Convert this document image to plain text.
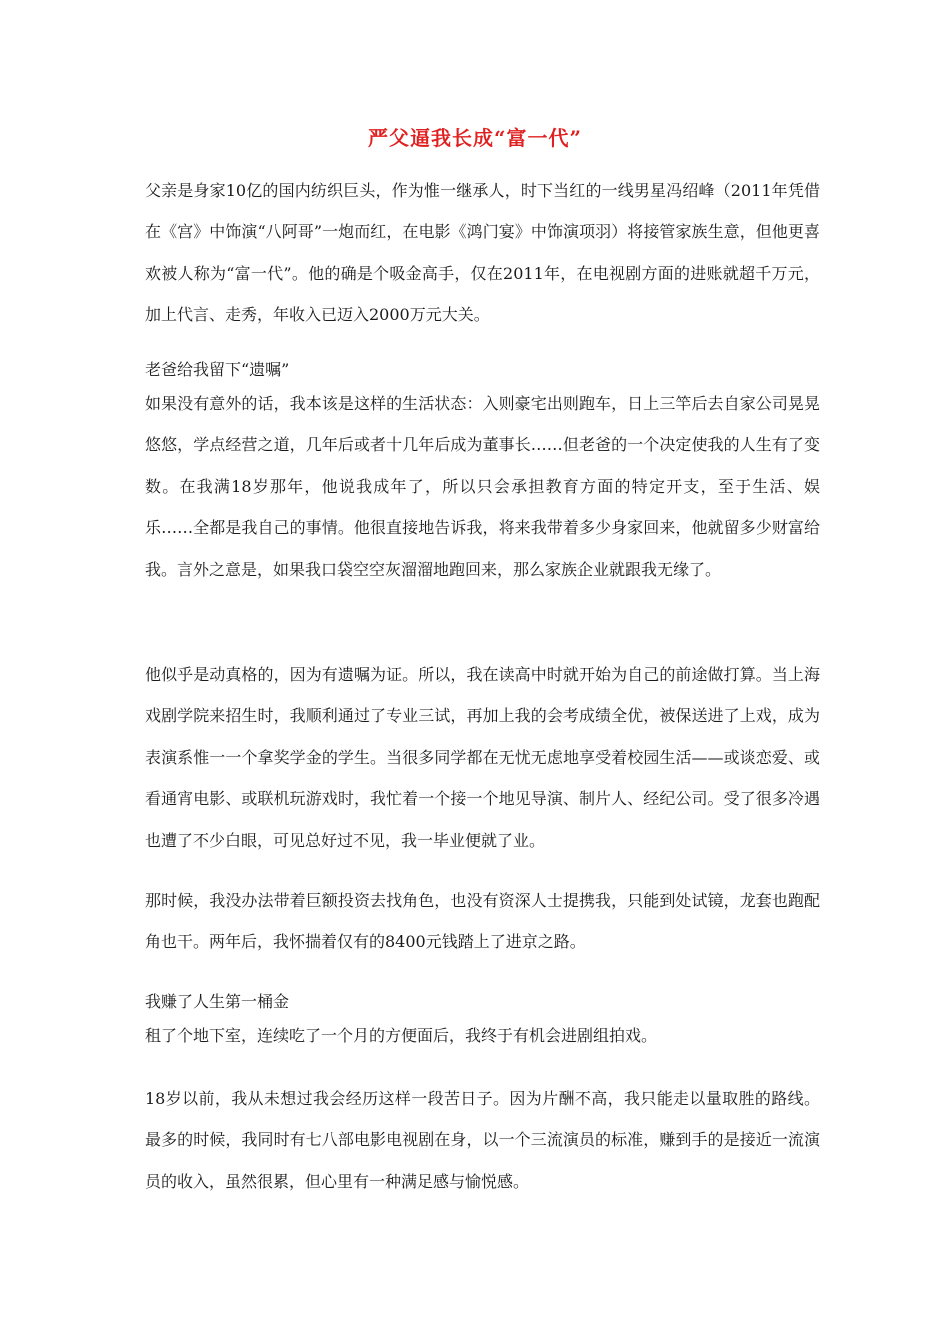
严父逼我长成“富一代”
父亲是身家10亿的国内纺织巨头，作为惟一继承人，时下当红的一线男星冯绍峰（2011年凭借在《宫》中饰演“八阿哥”一炮而红，在电影《鸿门宴》中饰演项羽）将接管家族生意，但他更喜欢被人称为“富一代”。他的确是个吸金高手，仅在2011年，在电视剧方面的进账就超千万元，加上代言、走秀，年收入已迈入2000万元大关。
老爸给我留下“遗嘱”
如果没有意外的话，我本该是这样的生活状态：入则豪宅出则跑车，日上三竿后去自家公司晃晃悠悠，学点经营之道，几年后或者十几年后成为董事长……但老爸的一个决定使我的人生有了变数。在我满18岁那年，他说我成年了，所以只会承担教育方面的特定开支，至于生活、娱乐……全都是我自己的事情。他很直接地告诉我，将来我带着多少身家回来，他就留多少财富给我。言外之意是，如果我口袋空空灰溜溜地跑回来，那么家族企业就跟我无缘了。
他似乎是动真格的，因为有遗嘱为证。所以，我在读高中时就开始为自己的前途做打算。当上海戏剧学院来招生时，我顺利通过了专业三试，再加上我的会考成绩全优，被保送进了上戏，成为表演系惟一一个拿奖学金的学生。当很多同学都在无忧无虑地享受着校园生活——或谈恋爱、或看通宵电影、或联机玩游戏时，我忙着一个接一个地见导演、制片人、经纪公司。受了很多冷遇也遭了不少白眼，可见总好过不见，我一毕业便就了业。
那时候，我没办法带着巨额投资去找角色，也没有资深人士提携我，只能到处试镜，龙套也跑配角也干。两年后，我怀揣着仅有的8400元钱踏上了进京之路。
我赚了人生第一桶金
租了个地下室，连续吃了一个月的方便面后，我终于有机会进剧组拍戏。
18岁以前，我从未想过我会经历这样一段苦日子。因为片酬不高，我只能走以量取胜的路线。最多的时候，我同时有七八部电影电视剧在身，以一个三流演员的标准，赚到手的是接近一流演员的收入，虽然很累，但心里有一种满足感与愉悦感。
